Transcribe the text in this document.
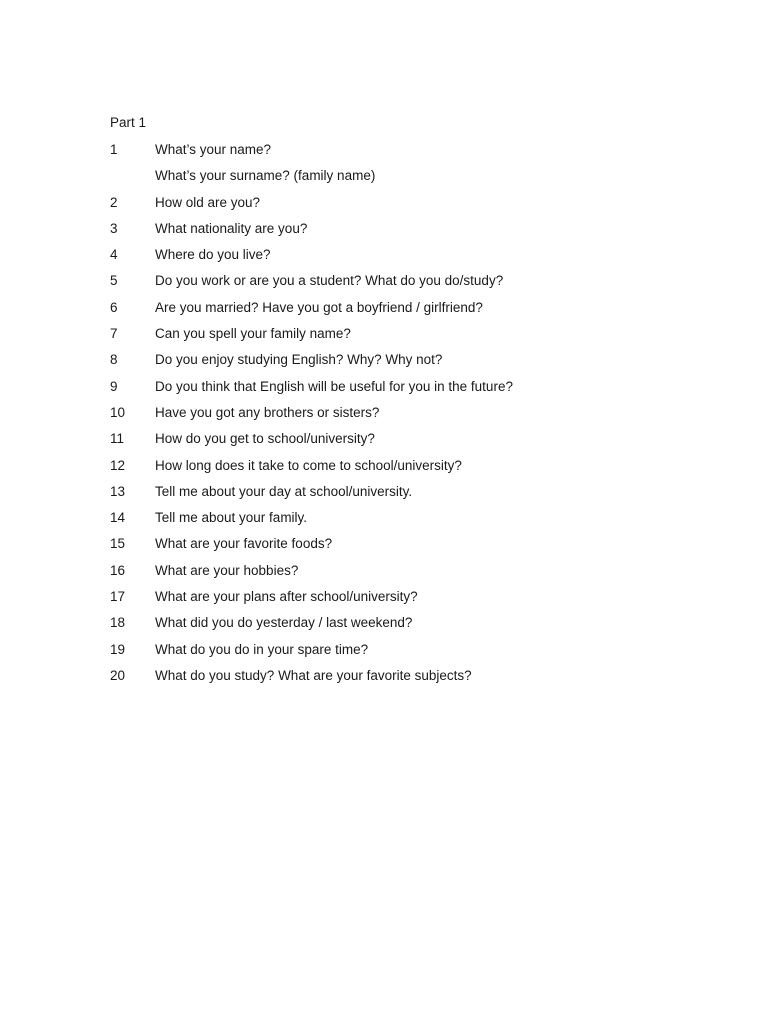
Part 1
1	What’s your name?
What’s your surname? (family name)
2	How old are you?
3	What nationality are you?
4	Where do you live?
5	Do you work or are you a student? What do you do/study?
6	Are you married? Have you got a boyfriend / girlfriend?
7	Can you spell your family name?
8	Do you enjoy studying English? Why? Why not?
9	Do you think that English will be useful for you in the future?
10	Have you got any brothers or sisters?
11	How do you get to school/university?
12	How long does it take to come to school/university?
13	Tell me about your day at school/university.
14	Tell me about your family.
15	What are your favorite foods?
16	What are your hobbies?
17	What are your plans after school/university?
18	What did you do yesterday / last weekend?
19	What do you do in your spare time?
20	What do you study? What are your favorite subjects?
